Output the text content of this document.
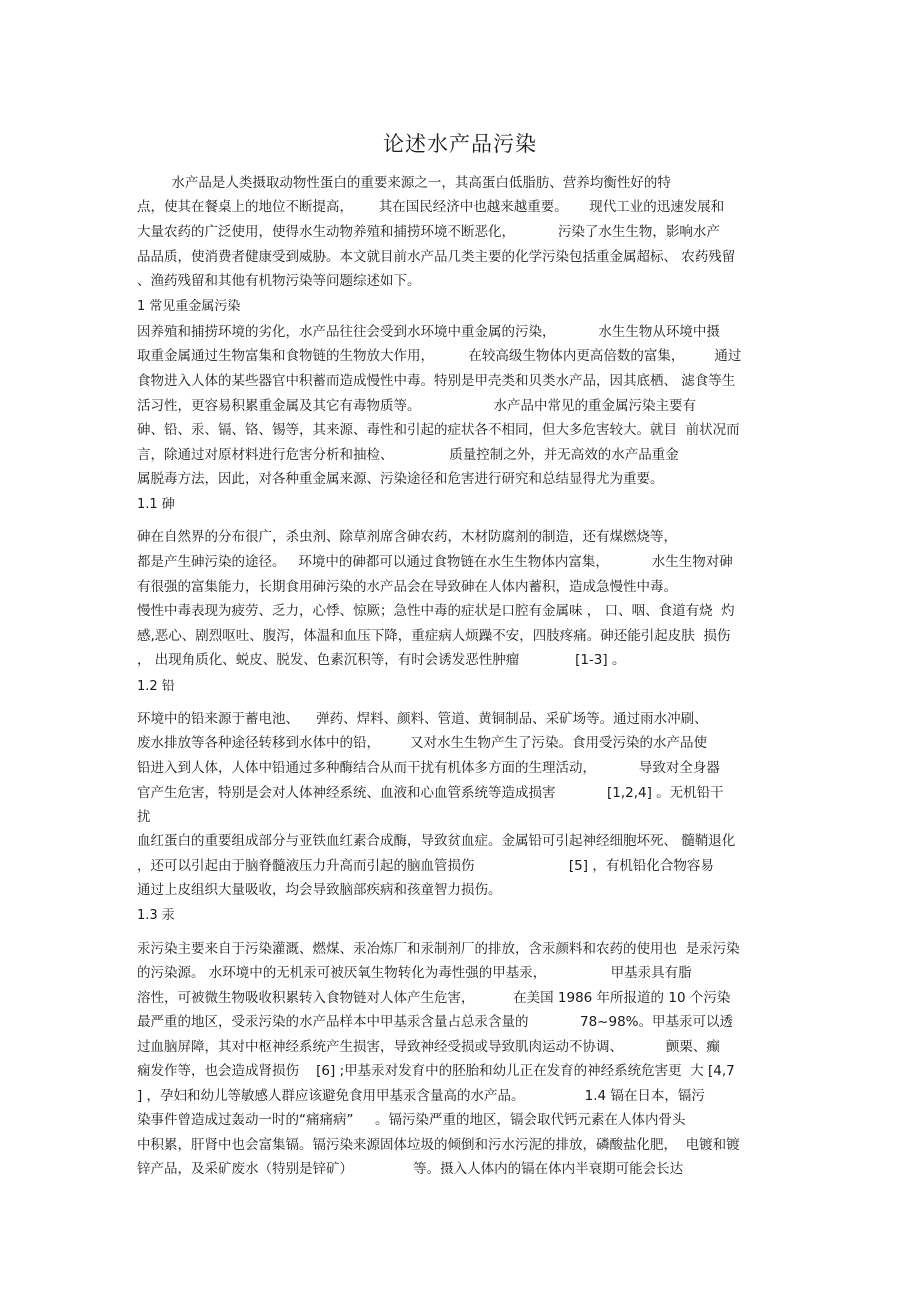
论述水产品污染
水产品是人类摄取动物性蛋白的重要来源之一，其高蛋白低脂肪、营养均衡性好的特
点，使其在餐桌上的地位不断提高，      其在国民经济中也越来越重要。     现代工业的迅速发展和
大量农药的广泛使用，使得水生动物养殖和捕捞环境不断恶化，          污染了水生生物，影响水产
品品质，使消费者健康受到威胁。本文就目前水产品几类主要的化学污染包括重金属超标、 农药残留
、渔药残留和其他有机物污染等问题综述如下。
1 常见重金属污染
因养殖和捕捞环境的劣化，水产品往往会受到水环境中重金属的污染，          水生生物从环境中摄
取重金属通过生物富集和食物链的生物放大作用，        在较高级生物体内更高倍数的富集，       通过
食物进入人体的某些器官中积蓄而造成慢性中毒。特别是甲壳类和贝类水产品，因其底栖、 滤食等生
活习性，更容易积累重金属及其它有毒物质等。                 水产品中常见的重金属污染主要有
砷、铅、汞、镉、铬、锡等，其来源、毒性和引起的症状各不相同，但大多危害较大。就目  前状况而
言，除通过对原材料进行危害分析和抽检、             质量控制之外，并无高效的水产品重金
属脱毒方法，因此，对各种重金属来源、污染途径和危害进行研究和总结显得尤为重要。
1.1 砷
砷在自然界的分布很广，杀虫剂、除草剂席含砷农药，木材防腐剂的制造，还有煤燃烧等，
都是产生砷污染的途径。   环境中的砷都可以通过食物链在水生生物体内富集，          水生生物对砷
有很强的富集能力，长期食用砷污染的水产品会在导致砷在人体内蓄积，造成急慢性中毒。
慢性中毒表现为疲劳、乏力，心悸、惊厥；急性中毒的症状是口腔有金属味 ， 口、咽、食道有烧  灼
感,恶心、剧烈呕吐、腹泻，体温和血压下降，重症病人烦躁不安，四肢疼痛。砷还能引起皮肤  损伤
， 出现角质化、蜕皮、脱发、色素沉积等，有时会诱发恶性肿瘤             [1-3] 。
1.2 铅
环境中的铅来源于蓄电池、    弹药、焊料、颜料、管道、黄铜制品、采矿场等。通过雨水冲刷、
废水排放等各种途径转移到水体中的铅，       又对水生生物产生了污染。食用受污染的水产品使
铅进入到人体，人体中铅通过多种酶结合从而干扰有机体多方面的生理活动，          导致对全身器
官产生危害，特别是会对人体神经系统、血液和心血管系统等造成损害            [1,2,4] 。无机铅干
扰
血红蛋白的重要组成部分与亚铁血红素合成酶，导致贫血症。金属铅可引起神经细胞坏死、 髓鞘退化
，还可以引起由于脑脊髓液压力升高而引起的脑血管损伤                      [5] ，有机铅化合物容易
通过上皮组织大量吸收，均会导致脑部疾病和孩童智力损伤。
1.3 汞
汞污染主要来自于污染灌溉、燃煤、汞冶炼厂和汞制剂厂的排放，含汞颜料和农药的使用也  是汞污染
的污染源。 水环境中的无机汞可被厌氧生物转化为毒性强的甲基汞，               甲基汞具有脂
溶性，可被微生物吸收积累转入食物链对人体产生危害，         在美国 1986 年所报道的 10 个污染
最严重的地区，受汞污染的水产品样本中甲基汞含量占总汞含量的            78~98%。甲基汞可以透
过血脑屏障，其对中枢神经系统产生损害，导致神经受损或导致肌肉运动不协调、          颤栗、癫
痫发作等，也会造成肾损伤    [6] ;甲基汞对发育中的胚胎和幼儿正在发育的神经系统危害更  大 [4,7
] ，孕妇和幼儿等敏感人群应该避免食用甲基汞含量高的水产品。              1.4 镉在日本，镉污
染事件曾造成过轰动一时的“痛痛病”     。镉污染严重的地区，镉会取代钙元素在人体内骨头
中积累，肝肾中也会富集镉。镉污染来源固体垃圾的倾倒和污水污泥的排放，磷酸盐化肥，  电镀和镀
锌产品，及采矿废水（特别是锌矿）              等。摄入人体内的镉在体内半衰期可能会长达
